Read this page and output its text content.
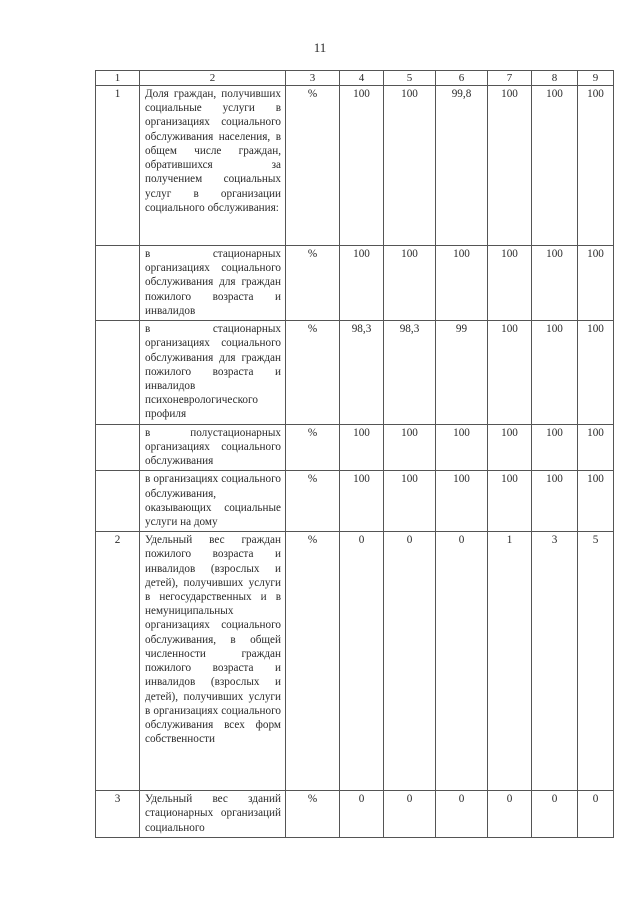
11
1	2	3	4	5	6	7	8	9
1	Доля граждан, получивших социальные услуги в организациях социального обслуживания населения, в общем числе граждан, обратившихся за получением социальных услуг в организации социального обслуживания:	%	100	100	99,8	100	100	100
	в стационарных организациях социального обслуживания для граждан пожилого возраста и инвалидов	%	100	100	100	100	100	100
	в стационарных организациях социального обслуживания для граждан пожилого возраста и инвалидов психоневрологического профиля	%	98,3	98,3	99	100	100	100
	в полустационарных организациях социального обслуживания	%	100	100	100	100	100	100
	в организациях социального обслуживания, оказывающих социальные услуги на дому	%	100	100	100	100	100	100
2	Удельный вес граждан пожилого возраста и инвалидов (взрослых и детей), получивших услуги в негосударственных и в немуниципальных организациях социального обслуживания, в общей численности граждан пожилого возраста и инвалидов (взрослых и детей), получивших услуги в организациях социального обслуживания всех форм собственности	%	0	0	0	1	3	5
3	Удельный вес зданий стационарных организаций социального	%	0	0	0	0	0	0
